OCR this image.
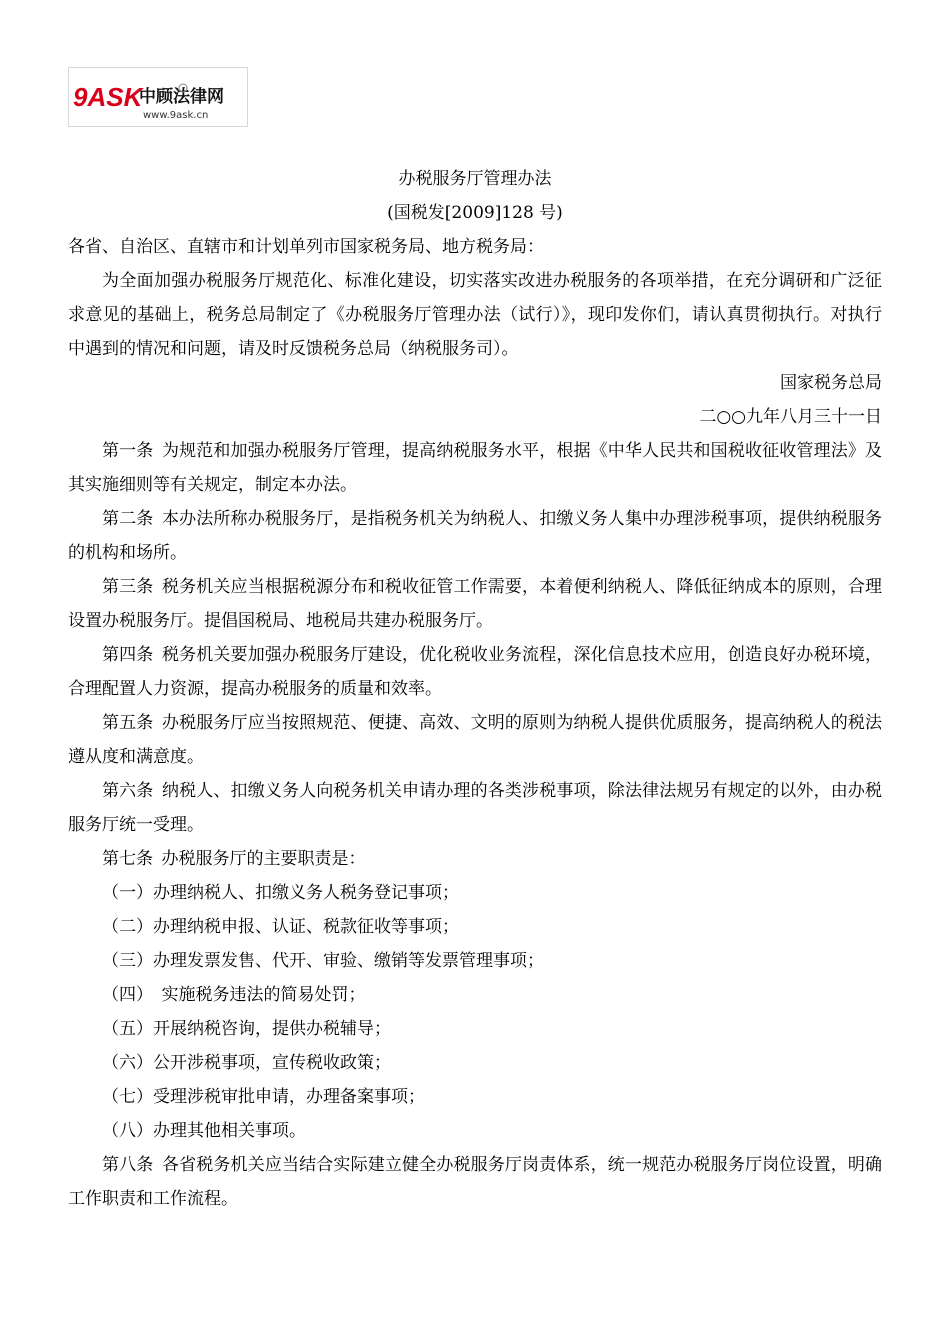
9ASK
中顾法律网
www.9ask.cn
办税服务厅管理办法
(国税发[2009]128 号)

各省、自治区、直辖市和计划单列市国家税务局、地方税务局：

为全面加强办税服务厅规范化、标准化建设，切实落实改进办税服务的各项举措，在充分调研和广泛征求意见的基础上，税务总局制定了《办税服务厅管理办法（试行）》，现印发你们，请认真贯彻执行。对执行中遇到的情况和问题，请及时反馈税务总局（纳税服务司）。

国家税务总局

二○○九年八月三十一日

第一条 为规范和加强办税服务厅管理，提高纳税服务水平，根据《中华人民共和国税收征收管理法》及其实施细则等有关规定，制定本办法。

第二条 本办法所称办税服务厅，是指税务机关为纳税人、扣缴义务人集中办理涉税事项，提供纳税服务的机构和场所。

第三条 税务机关应当根据税源分布和税收征管工作需要，本着便利纳税人、降低征纳成本的原则，合理设置办税服务厅。提倡国税局、地税局共建办税服务厅。

第四条 税务机关要加强办税服务厅建设，优化税收业务流程，深化信息技术应用，创造良好办税环境，合理配置人力资源，提高办税服务的质量和效率。

第五条 办税服务厅应当按照规范、便捷、高效、文明的原则为纳税人提供优质服务，提高纳税人的税法遵从度和满意度。

第六条 纳税人、扣缴义务人向税务机关申请办理的各类涉税事项，除法律法规另有规定的以外，由办税服务厅统一受理。

第七条 办税服务厅的主要职责是：

（一）办理纳税人、扣缴义务人税务登记事项；

（二）办理纳税申报、认证、税款征收等事项；

（三）办理发票发售、代开、审验、缴销等发票管理事项；

（四）　实施税务违法的简易处罚；

（五）开展纳税咨询，提供办税辅导；

（六）公开涉税事项，宣传税收政策；

（七）受理涉税审批申请，办理备案事项；

（八）办理其他相关事项。

第八条 各省税务机关应当结合实际建立健全办税服务厅岗责体系，统一规范办税服务厅岗位设置，明确工作职责和工作流程。
